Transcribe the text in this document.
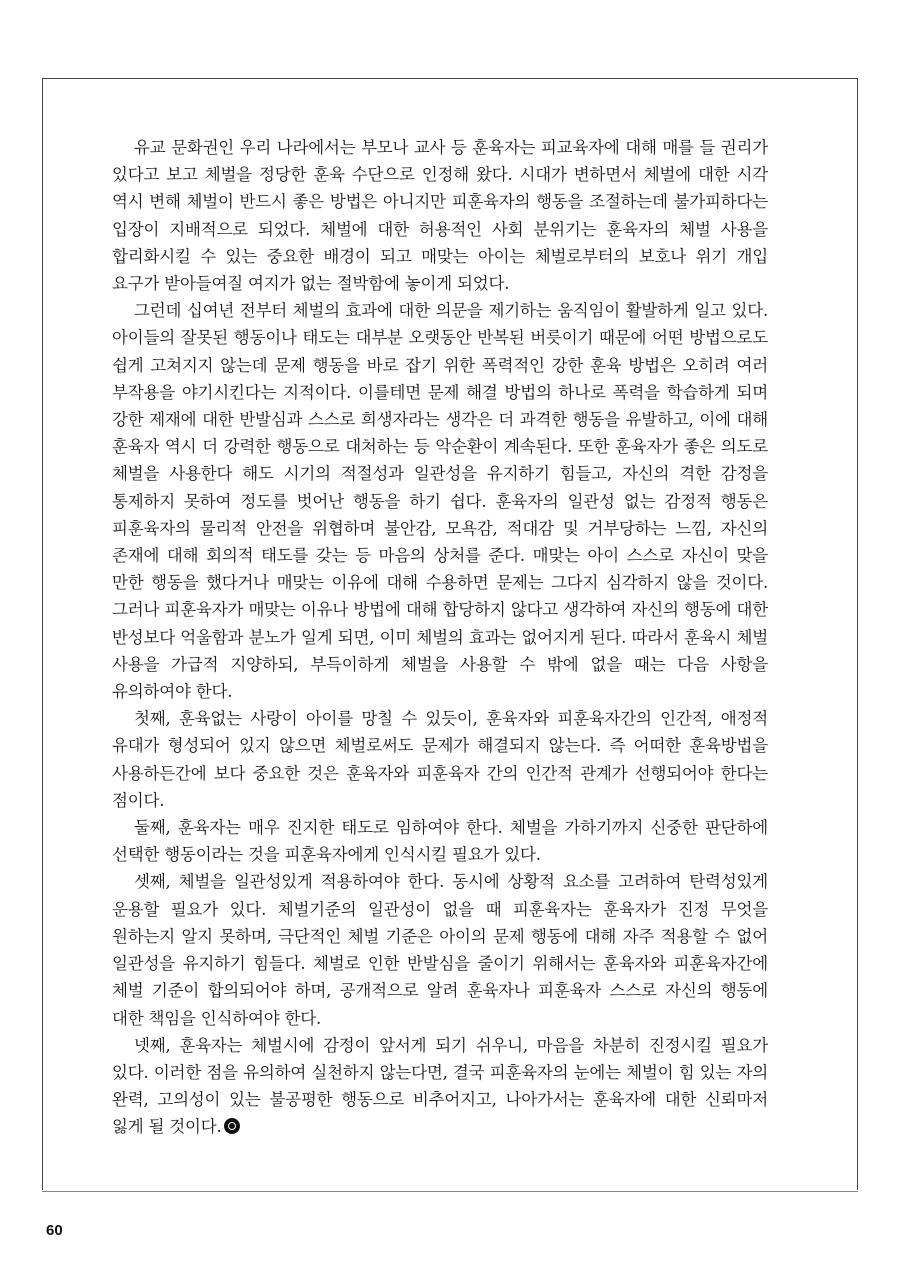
유교 문화권인 우리 나라에서는 부모나 교사 등 훈육자는 피교육자에 대해 매를 들 권리가 있다고 보고 체벌을 정당한 훈육 수단으로 인정해 왔다. 시대가 변하면서 체벌에 대한 시각 역시 변해 체벌이 반드시 좋은 방법은 아니지만 피훈육자의 행동을 조절하는데 불가피하다는 입장이 지배적으로 되었다. 체벌에 대한 허용적인 사회 분위기는 훈육자의 체벌 사용을 합리화시킬 수 있는 중요한 배경이 되고 매맞는 아이는 체벌로부터의 보호나 위기 개입 요구가 받아들여질 여지가 없는 절박함에 놓이게 되었다.

그런데 십여년 전부터 체벌의 효과에 대한 의문을 제기하는 움직임이 활발하게 일고 있다. 아이들의 잘못된 행동이나 태도는 대부분 오랫동안 반복된 버릇이기 때문에 어떤 방법으로도 쉽게 고쳐지지 않는데 문제 행동을 바로 잡기 위한 폭력적인 강한 훈육 방법은 오히려 여러 부작용을 야기시킨다는 지적이다. 이를테면 문제 해결 방법의 하나로 폭력을 학습하게 되며 강한 제재에 대한 반발심과 스스로 희생자라는 생각은 더 과격한 행동을 유발하고, 이에 대해 훈육자 역시 더 강력한 행동으로 대처하는 등 악순환이 계속된다. 또한 훈육자가 좋은 의도로 체벌을 사용한다 해도 시기의 적절성과 일관성을 유지하기 힘들고, 자신의 격한 감정을 통제하지 못하여 정도를 벗어난 행동을 하기 쉽다. 훈육자의 일관성 없는 감정적 행동은 피훈육자의 물리적 안전을 위협하며 불안감, 모욕감, 적대감 및 거부당하는 느낌, 자신의 존재에 대해 회의적 태도를 갖는 등 마음의 상처를 준다. 매맞는 아이 스스로 자신이 맞을 만한 행동을 했다거나 매맞는 이유에 대해 수용하면 문제는 그다지 심각하지 않을 것이다. 그러나 피훈육자가 매맞는 이유나 방법에 대해 합당하지 않다고 생각하여 자신의 행동에 대한 반성보다 억울함과 분노가 일게 되면, 이미 체벌의 효과는 없어지게 된다. 따라서 훈육시 체벌 사용을 가급적 지양하되, 부득이하게 체벌을 사용할 수 밖에 없을 때는 다음 사항을 유의하여야 한다.

첫째, 훈육없는 사랑이 아이를 망칠 수 있듯이, 훈육자와 피훈육자간의 인간적, 애정적 유대가 형성되어 있지 않으면 체벌로써도 문제가 해결되지 않는다. 즉 어떠한 훈육방법을 사용하든간에 보다 중요한 것은 훈육자와 피훈육자 간의 인간적 관계가 선행되어야 한다는 점이다.

둘째, 훈육자는 매우 진지한 태도로 임하여야 한다. 체벌을 가하기까지 신중한 판단하에 선택한 행동이라는 것을 피훈육자에게 인식시킬 필요가 있다.

셋째, 체벌을 일관성있게 적용하여야 한다. 동시에 상황적 요소를 고려하여 탄력성있게 운용할 필요가 있다. 체벌기준의 일관성이 없을 때 피훈육자는 훈육자가 진정 무엇을 원하는지 알지 못하며, 극단적인 체벌 기준은 아이의 문제 행동에 대해 자주 적용할 수 없어 일관성을 유지하기 힘들다. 체벌로 인한 반발심을 줄이기 위해서는 훈육자와 피훈육자간에 체벌 기준이 합의되어야 하며, 공개적으로 알려 훈육자나 피훈육자 스스로 자신의 행동에 대한 책임을 인식하여야 한다.

넷째, 훈육자는 체벌시에 감정이 앞서게 되기 쉬우니, 마음을 차분히 진정시킬 필요가 있다. 이러한 점을 유의하여 실천하지 않는다면, 결국 피훈육자의 눈에는 체벌이 힘 있는 자의 완력, 고의성이 있는 불공평한 행동으로 비추어지고, 나아가서는 훈육자에 대한 신뢰마저 잃게 될 것이다.

60
